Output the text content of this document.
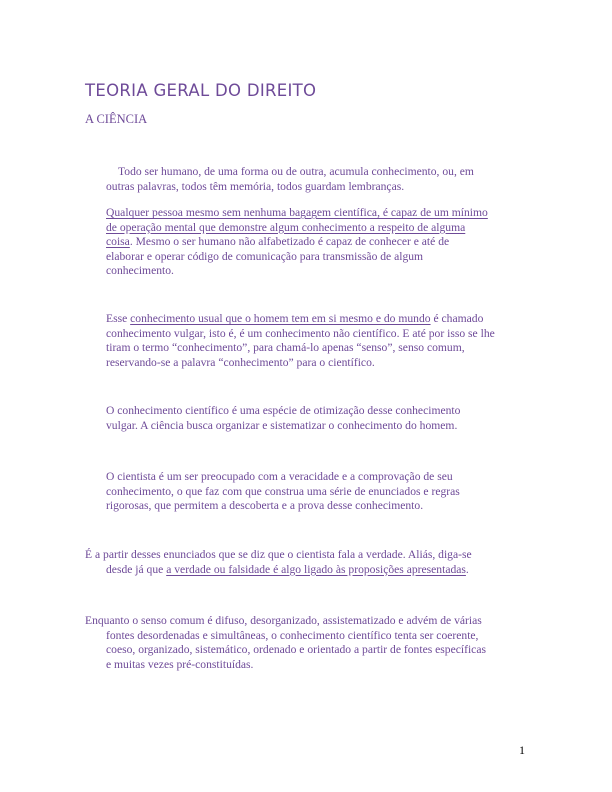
TEORIA GERAL DO DIREITO
A CIÊNCIA

Todo ser humano, de uma forma ou de outra, acumula conhecimento, ou, em
outras palavras, todos têm memória, todos guardam lembranças.

Qualquer pessoa mesmo sem nenhuma bagagem científica, é capaz de um mínimo
de operação mental que demonstre algum conhecimento a respeito de alguma
coisa. Mesmo o ser humano não alfabetizado é capaz de conhecer e até de
elaborar e operar código de comunicação para transmissão de algum
conhecimento.

Esse conhecimento usual que o homem tem em si mesmo e do mundo é chamado
conhecimento vulgar, isto é, é um conhecimento não científico. E até por isso se lhe
tiram o termo “conhecimento”, para chamá-lo apenas “senso”, senso comum,
reservando-se a palavra “conhecimento” para o científico.

O conhecimento científico é uma espécie de otimização desse conhecimento
vulgar. A ciência busca organizar e sistematizar o conhecimento do homem.

O cientista é um ser preocupado com a veracidade e a comprovação de seu
conhecimento, o que faz com que construa uma série de enunciados e regras
rigorosas, que permitem a descoberta e a prova desse conhecimento.

É a partir desses enunciados que se diz que o cientista fala a verdade. Aliás, diga-se
desde já que a verdade ou falsidade é algo ligado às proposições apresentadas.

Enquanto o senso comum é difuso, desorganizado, assistematizado e advém de várias
fontes desordenadas e simultâneas, o conhecimento científico tenta ser coerente,
coeso, organizado, sistemático, ordenado e orientado a partir de fontes específicas
e muitas vezes pré-constituídas.

1
